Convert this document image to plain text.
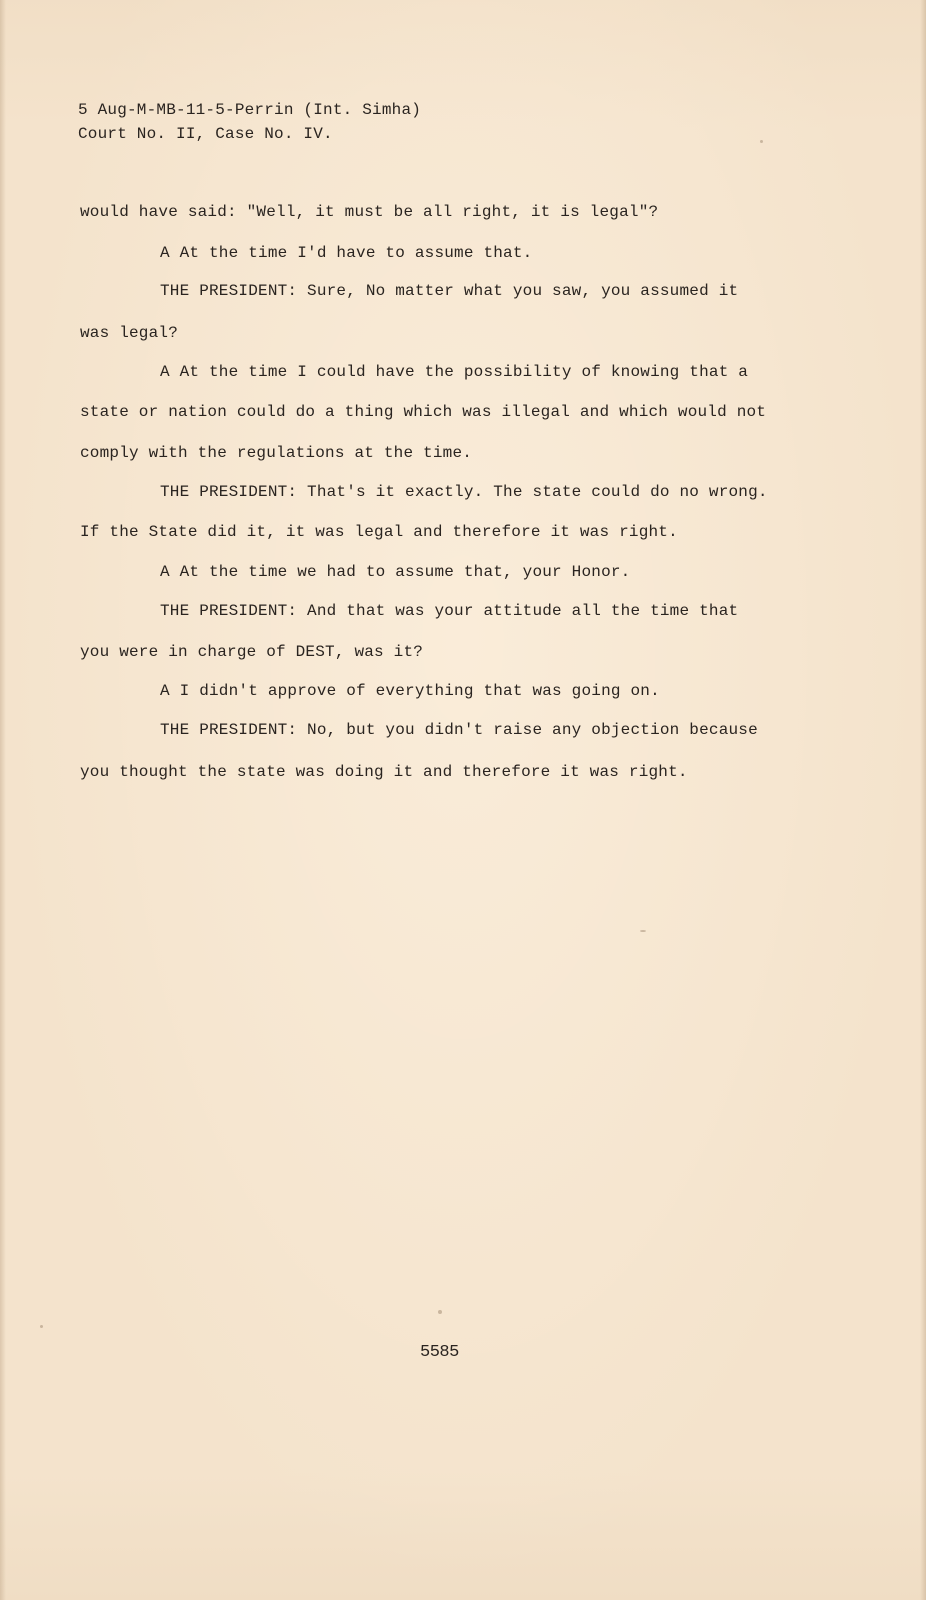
5 Aug-M-MB-11-5-Perrin (Int. Simha)
Court No. II, Case No. IV.
would have said: "Well, it must be all right, it is legal"?
A At the time I'd have to assume that.
THE PRESIDENT: Sure, No matter what you saw, you assumed it
was legal?
A At the time I could have the possibility of knowing that a
state or nation could do a thing which was illegal and which would not
comply with the regulations at the time.
THE PRESIDENT: That's it exactly. The state could do no wrong.
If the State did it, it was legal and therefore it was right.
A At the time we had to assume that, your Honor.
THE PRESIDENT: And that was your attitude all the time that
you were in charge of DEST, was it?
A I didn't approve of everything that was going on.
THE PRESIDENT: No, but you didn't raise any objection because
you thought the state was doing it and therefore it was right.
5585
